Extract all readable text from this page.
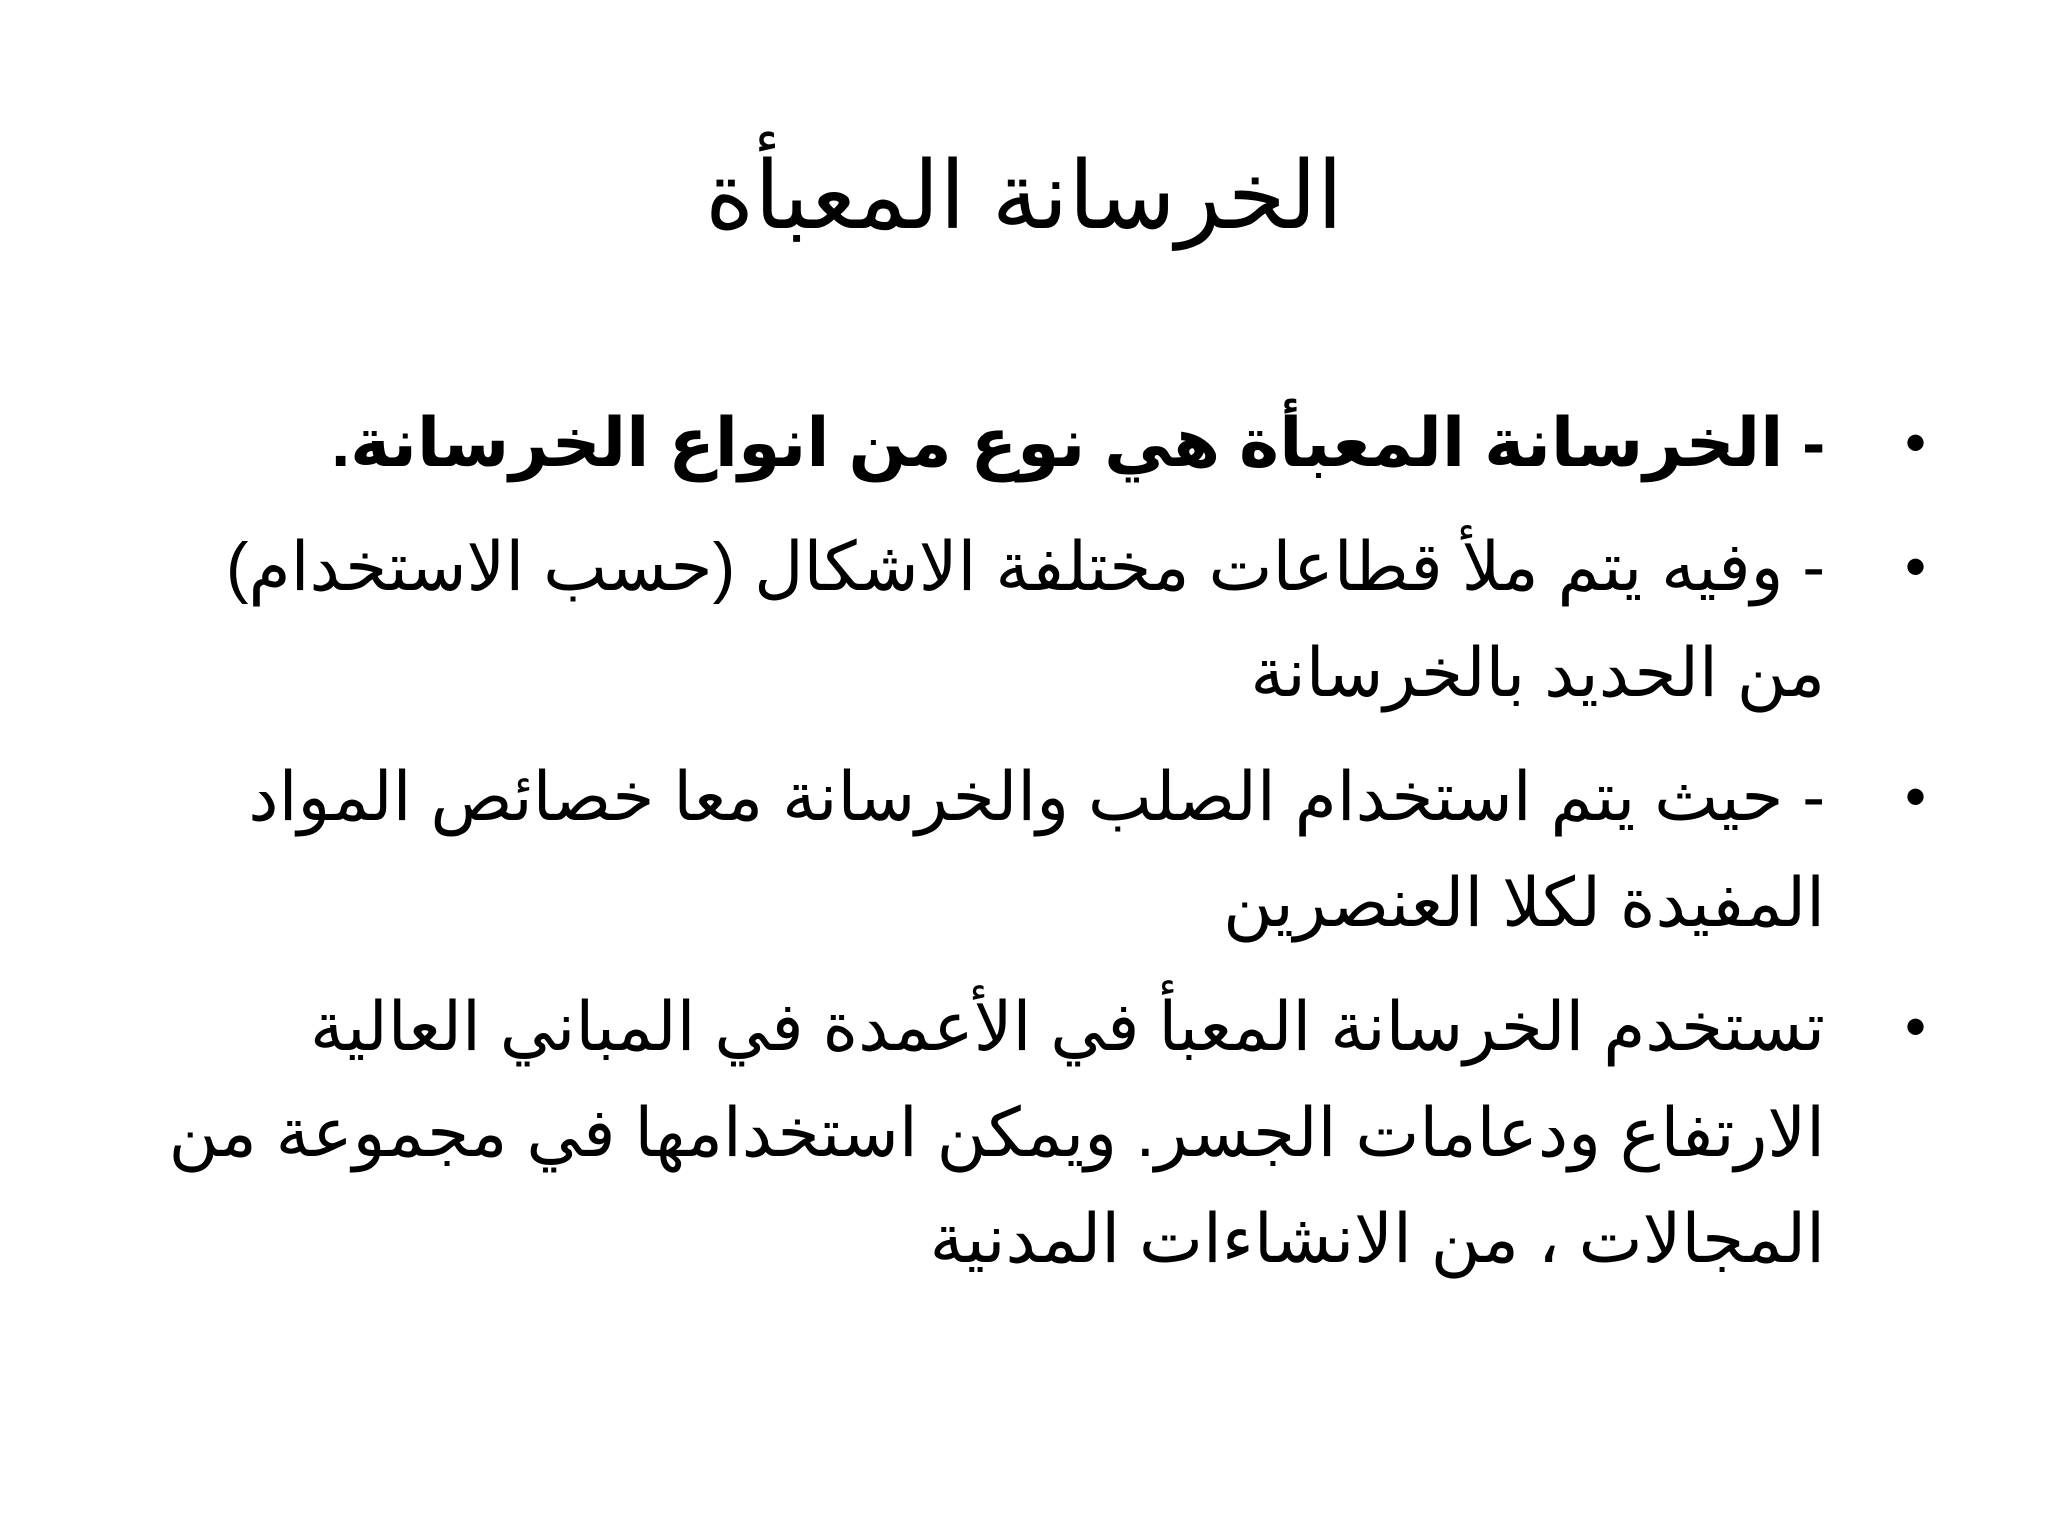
الخرسانة المعبأة
•
- الخرسانة المعبأة هي نوع من انواع الخرسانة.
•
- وفيه يتم ملأ قطاعات مختلفة الاشكال (حسب الاستخدام) من الحديد بالخرسانة
•
- حيث يتم استخدام الصلب والخرسانة معا خصائص المواد المفيدة لكلا العنصرين
•
تستخدم الخرسانة المعبأ في الأعمدة في المباني العالية الارتفاع ودعامات الجسر. ويمكن استخدامها في مجموعة من المجالات ، من الانشاءات المدنية
